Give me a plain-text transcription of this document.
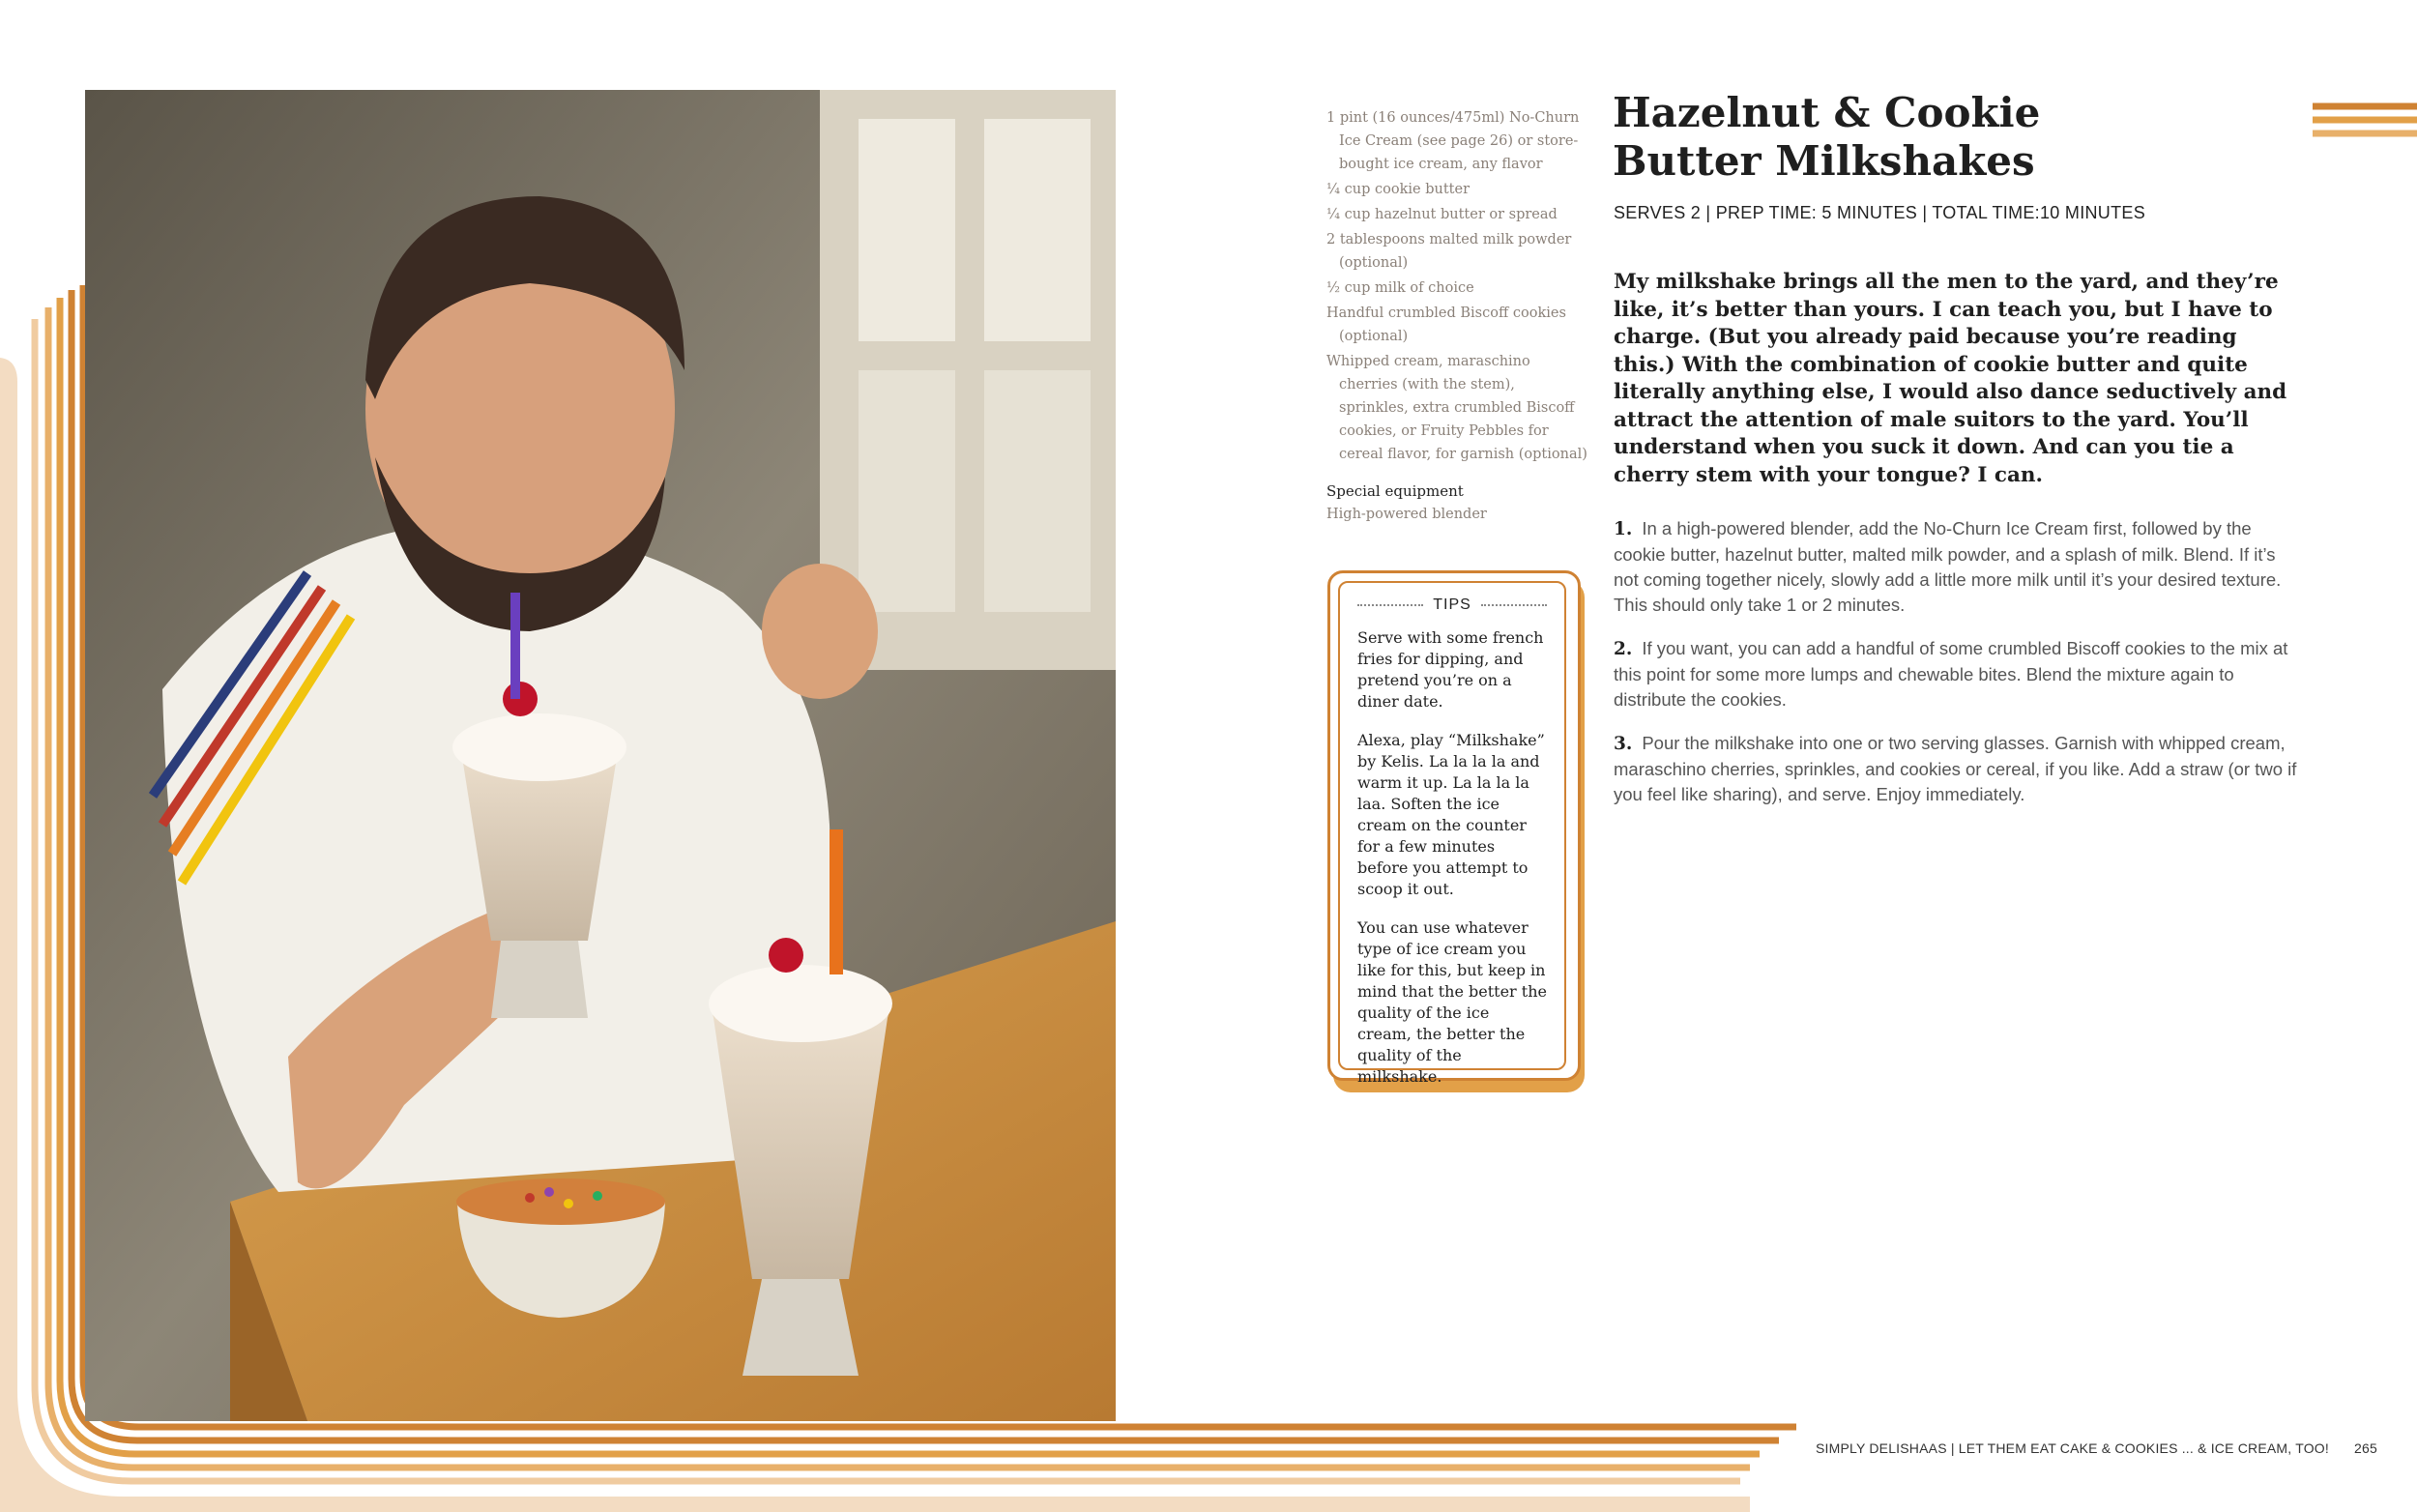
1 pint (16 ounces/475ml) No-Churn Ice Cream (see page 26) or store-bought ice cream, any flavor
¼ cup cookie butter
¼ cup hazelnut butter or spread
2 tablespoons malted milk powder (optional)
½ cup milk of choice
Handful crumbled Biscoff cookies (optional)
Whipped cream, maraschino cherries (with the stem), sprinkles, extra crumbled Biscoff cookies, or Fruity Pebbles for cereal flavor, for garnish (optional)
Special equipment
High-powered blender
TIPS

Serve with some french fries for dipping, and pretend you’re on a diner date.

Alexa, play “Milkshake” by Kelis. La la la la and warm it up. La la la la laa. Soften the ice cream on the counter for a few minutes before you attempt to scoop it out.

You can use whatever type of ice cream you like for this, but keep in mind that the better the quality of the ice cream, the better the quality of the milkshake.

Hazelnut & Cookie Butter Milkshakes
SERVES 2 | PREP TIME: 5 MINUTES | TOTAL TIME:10 MINUTES

My milkshake brings all the men to the yard, and they’re like, it’s better than yours. I can teach you, but I have to charge. (But you already paid because you’re reading this.) With the combination of cookie butter and quite literally anything else, I would also dance seductively and attract the attention of male suitors to the yard. You’ll understand when you suck it down. And can you tie a cherry stem with your tongue? I can.

1. In a high-powered blender, add the No-Churn Ice Cream first, followed by the cookie butter, hazelnut butter, malted milk powder, and a splash of milk. Blend. If it’s not coming together nicely, slowly add a little more milk until it’s your desired texture. This should only take 1 or 2 minutes.

2. If you want, you can add a handful of some crumbled Biscoff cookies to the mix at this point for some more lumps and chewable bites. Blend the mixture again to distribute the cookies.

3. Pour the milkshake into one or two serving glasses. Garnish with whipped cream, maraschino cherries, sprinkles, and cookies or cereal, if you like. Add a straw (or two if you feel like sharing), and serve. Enjoy immediately.

SIMPLY DELISHAAS | LET THEM EAT CAKE & COOKIES ... & ICE CREAM, TOO! 265
